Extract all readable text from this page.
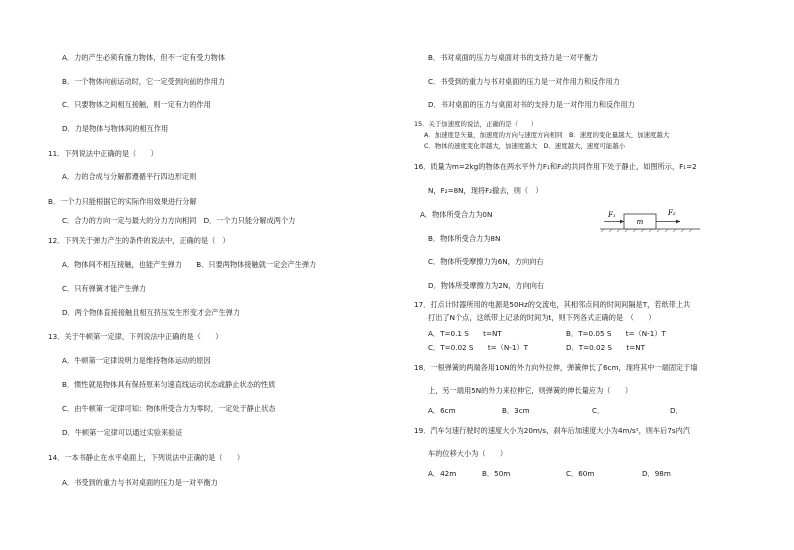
A．力的产生必须有施力物体，但不一定有受力物体
B．一个物体向前运动时，它一定受到向前的作用力
C．只要物体之间相互接触，则一定有力的作用
D．力是物体与物体间的相互作用
11．下列说法中正确的是（　　）
A．力的合成与分解都遵循平行四边形定则
B．一个力只能根据它的实际作用效果进行分解
C．合力的方向一定与最大的分力方向相同　D．一个力只能分解成两个力
12．下列关于弹力产生的条件的说法中，正确的是（　）
A．物体间不相互接触，也能产生弹力　　B．只要两物体接触就一定会产生弹力
C．只有弹簧才能产生弹力
D．两个物体直接接触且相互挤压发生形变才会产生弹力
13．关于牛顿第一定律，下列说法中正确的是（　　）
A．牛顿第一定律说明力是维持物体运动的原因
B．惯性就是物体具有保持原来匀速直线运动状态或静止状态的性质
C．由牛顿第一定律可知：物体所受合力为零时，一定处于静止状态
D．牛顿第一定律可以通过实验来验证
14．一本书静止在水平桌面上，下列说法中正确的是（　　）
A．书受到的重力与书对桌面的压力是一对平衡力
B．书对桌面的压力与桌面对书的支持力是一对平衡力
C．书受到的重力与书对桌面的压力是一对作用力和反作用力
D．书对桌面的压力与桌面对书的支持力是一对作用力和反作用力
15．关于加速度的说法，正确的是（　　）
A．加速度是矢量，加速度的方向与速度方向相同　B．速度的变化量越大，加速度越大
C．物体的速度变化率越大，加速度越大　D．速度越大，速度可能越小
16．质量为m=2kg的物体在两水平外力F₁和F₂的共同作用下处于静止，如图所示，F₁=2
N，F₂=8N，现将F₂撤去，则（　）
A．物体所受合力为0N
B．物体所受合力为8N
C．物体所受摩擦力为6N，方向向右
D．物体所受摩擦力为2N，方向向右
17．打点计时器所用的电源是50Hz的交流电，其相邻点间的时间间隔是T，若纸带上共
打出了N个点，这纸带上记录的时间为t，则下列各式正确的是　（　　）
A．T=0.1 S　　t=NT	B．T=0.05 S　　t=（N-1）T
C．T=0.02 S　　t=（N-1）T	D．T=0.02 S　　t=NT
18．一根弹簧的两端各用10N的外力向外拉伸，弹簧伸长了6cm，现将其中一端固定于墙
上，另一端用5N的外力来拉伸它，则弹簧的伸长量应为（　　）
A．6cm	B．3cm	C．	D．
19．汽车匀速行驶时的速度大小为20m/s，刹车后加速度大小为4m/s²，则车后7s内汽
车的位移大小为（　　）
A．42m	B．50m	C．60m	D．98m
m
F₁	F₂
